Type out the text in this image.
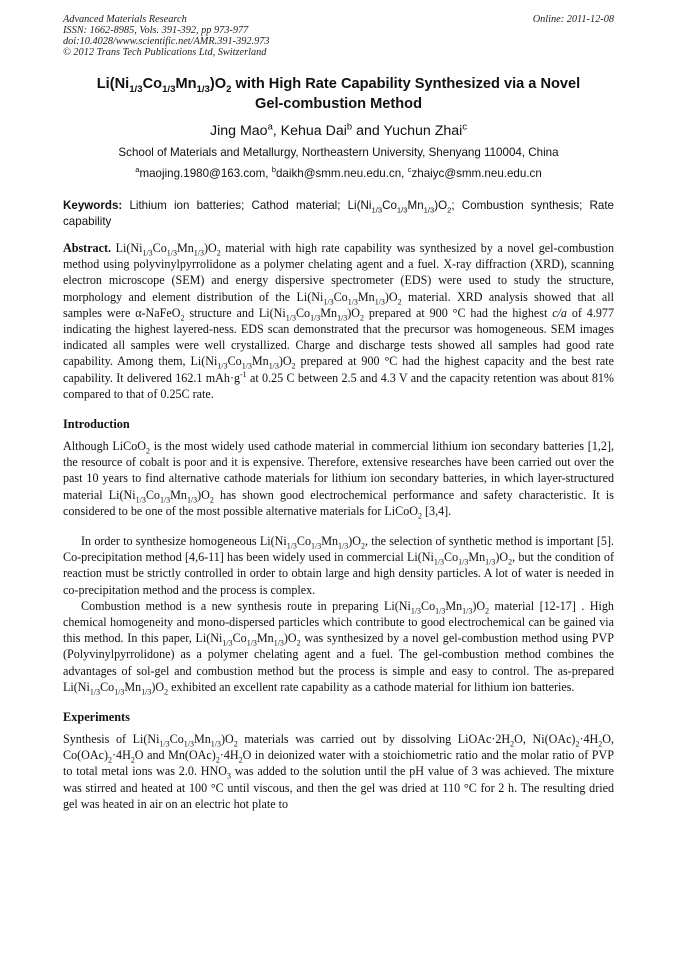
Advanced Materials Research
ISSN: 1662-8985, Vols. 391-392, pp 973-977
doi:10.4028/www.scientific.net/AMR.391-392.973
© 2012 Trans Tech Publications Ltd, Switzerland
Online: 2011-12-08
$Li(Ni_{1/3}Co_{1/3}Mn_{1/3})O_2$ with High Rate Capability Synthesized via a Novel
Gel-combustion Method
Jing Mao$^a$, Kehua Dai$^b$ and Yuchun Zhai$^c$
School of Materials and Metallurgy, Northeastern University, Shenyang 110004, China
$^a$maojing.1980@163.com, $^b$daikh@smm.neu.edu.cn, $^c$zhaiyc@smm.neu.edu.cn
Keywords: Lithium ion batteries; Cathod material; $Li(Ni_{1/3}Co_{1/3}Mn_{1/3})O_2$; Combustion synthesis; Rate capability
Abstract. $Li(Ni_{1/3}Co_{1/3}Mn_{1/3})O_2$ material with high rate capability was synthesized by a novel gel-combustion method using polyvinylpyrrolidone as a polymer chelating agent and a fuel. X-ray diffraction (XRD), scanning electron microscope (SEM) and energy dispersive spectrometer (EDS) were used to study the structure, morphology and element distribution of the $Li(Ni_{1/3}Co_{1/3}Mn_{1/3})O_2$ material. XRD analysis showed that all samples were α-NaFeO$_2$ structure and $Li(Ni_{1/3}Co_{1/3}Mn_{1/3})O_2$ prepared at 900 °C had the highest c/a of 4.977 indicating the highest layered-ness. EDS scan demonstrated that the precursor was homogeneous. SEM images indicated all samples were well crystallized. Charge and discharge tests showed all samples had good rate capability. Among them, $Li(Ni_{1/3}Co_{1/3}Mn_{1/3})O_2$ prepared at 900 °C had the highest capacity and the best rate capability. It delivered 162.1 $mAh\cdot g^{-1}$ at 0.25 C between 2.5 and 4.3 V and the capacity retention was about 81% compared to that of 0.25C rate.
Introduction
Although LiCoO$_2$ is the most widely used cathode material in commercial lithium ion secondary batteries [1,2], the resource of cobalt is poor and it is expensive. Therefore, extensive researches have been carried out over the past 10 years to find alternative cathode materials for lithium ion secondary batteries, in which layer-structured material $Li(Ni_{1/3}Co_{1/3}Mn_{1/3})O_2$ has shown good electrochemical performance and safety characteristic. It is considered to be one of the most possible alternative materials for LiCoO$_2$ [3,4].
In order to synthesize homogeneous $Li(Ni_{1/3}Co_{1/3}Mn_{1/3})O_2$, the selection of synthetic method is important [5]. Co-precipitation method [4,6-11] has been widely used in commercial $Li(Ni_{1/3}Co_{1/3}Mn_{1/3})O_2$, but the condition of reaction must be strictly controlled in order to obtain large and high density particles. A lot of water is needed in co-precipitation method and the process is complex.
Combustion method is a new synthesis route in preparing $Li(Ni_{1/3}Co_{1/3}Mn_{1/3})O_2$ material [12-17] . High chemical homogeneity and mono-dispersed particles which contribute to good electrochemical can be gained via this method. In this paper, $Li(Ni_{1/3}Co_{1/3}Mn_{1/3})O_2$ was synthesized by a novel gel-combustion method using PVP (Polyvinylpyrrolidone) as a polymer chelating agent and a fuel. The gel-combustion method combines the advantages of sol-gel and combustion method but the process is simple and easy to control. The as-prepared $Li(Ni_{1/3}Co_{1/3}Mn_{1/3})O_2$ exhibited an excellent rate capability as a cathode material for lithium ion batteries.
Experiments
Synthesis of $Li(Ni_{1/3}Co_{1/3}Mn_{1/3})O_2$ materials was carried out by dissolving $LiOAc\cdot 2H_2O$, $Ni(OAc)_2\cdot 4H_2O$, $Co(OAc)_2\cdot 4H_2O$ and $Mn(OAc)_2\cdot 4H_2O$ in deionized water with a stoichiometric ratio and the molar ratio of PVP to total metal ions was 2.0. $HNO_3$ was added to the solution until the pH value of 3 was achieved. The mixture was stirred and heated at 100 °C until viscous, and then the gel was dried at 110 °C for 2 h. The resulting dried gel was heated in air on an electric hot plate to
